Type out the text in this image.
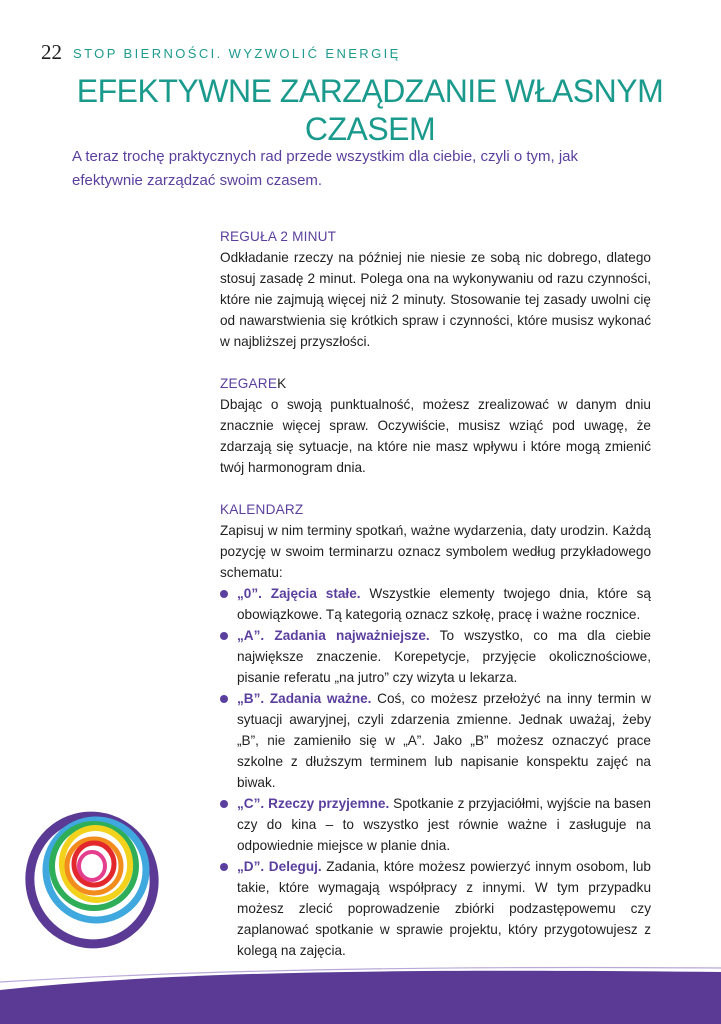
22 STOP BIERNOŚCI. WYZWOLIĆ ENERGIĘ
EFEKTYWNE ZARZĄDZANIE WŁASNYM
CZASEM

A teraz trochę praktycznych rad przede wszystkim dla ciebie, czyli o tym, jak efektywnie zarządzać swoim czasem.

REGUŁA 2 MINUT

Odkładanie rzeczy na później nie niesie ze sobą nic dobrego, dlatego stosuj zasadę 2 minut. Polega ona na wykonywaniu od razu czynności, które nie zajmują więcej niż 2 minuty. Stosowanie tej zasady uwolni cię od nawarstwienia się krótkich spraw i czynności, które musisz wykonać w najbliższej przyszłości.

ZEGAREK

Dbając o swoją punktualność, możesz zrealizować w danym dniu znacznie więcej spraw. Oczywiście, musisz wziąć pod uwagę, że zdarzają się sytuacje, na które nie masz wpływu i które mogą zmienić twój harmonogram dnia.

KALENDARZ

Zapisuj w nim terminy spotkań, ważne wydarzenia, daty urodzin. Każdą pozycję w swoim terminarzu oznacz symbolem według przykładowego schematu:

„0”. Zajęcia stałe. Wszystkie elementy twojego dnia, które są obowiązkowe. Tą kategorią oznacz szkołę, pracę i ważne rocznice.
„A”. Zadania najważniejsze. To wszystko, co ma dla ciebie największe znaczenie. Korepetycje, przyjęcie okolicznościowe, pisanie referatu „na jutro” czy wizyta u lekarza.
„B”. Zadania ważne. Coś, co możesz przełożyć na inny termin w sytuacji awaryjnej, czyli zdarzenia zmienne. Jednak uważaj, żeby „B”, nie zamieniło się w „A”. Jako „B” możesz oznaczyć prace szkolne z dłuższym terminem lub napisanie konspektu zajęć na biwak.
„C”. Rzeczy przyjemne. Spotkanie z przyjaciółmi, wyjście na basen czy do kina – to wszystko jest równie ważne i zasługuje na odpowiednie miejsce w planie dnia.
„D”. Deleguj. Zadania, które możesz powierzyć innym osobom, lub takie, które wymagają współpracy z innymi. W tym przypadku możesz zlecić poprowadzenie zbiórki podzastępowemu czy zaplanować spotkanie w sprawie projektu, który przygotowujesz z kolegą na zajęcia.
